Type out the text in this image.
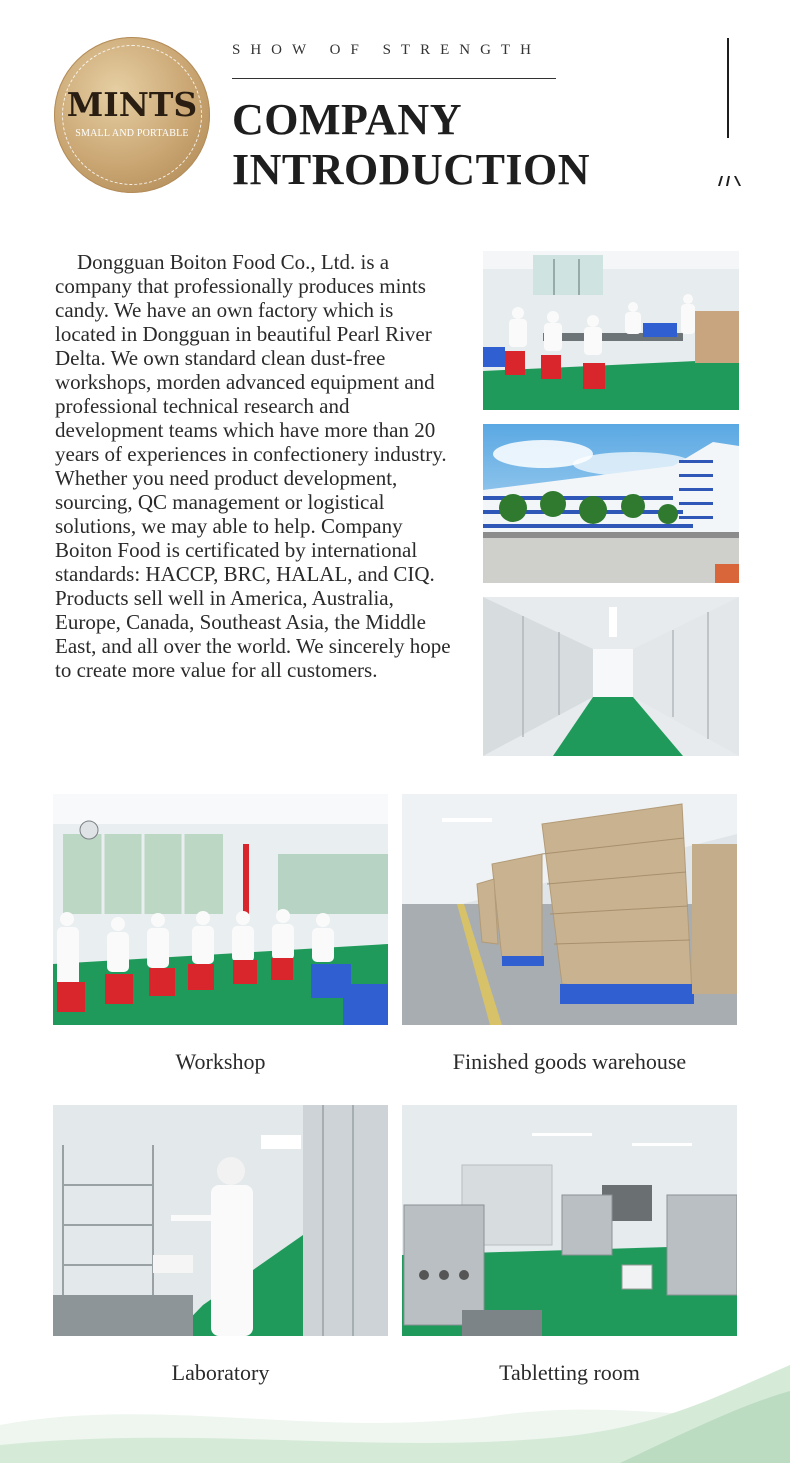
MINTS
SMALL AND PORTABLE
SHOW OF STRENGTH
COMPANY
INTRODUCTION

Dongguan Boiton Food Co., Ltd. is a company that professionally produces mints candy. We have an own factory which is located in Dongguan in beautiful Pearl River Delta. We own standard clean dust-free workshops, morden advanced equipment and professional technical research and development teams which have more than 20 years of experiences in confectionery industry. Whether you need product development, sourcing, QC management or logistical solutions, we may able to help. Company Boiton Food is certificated by international standards: HACCP, BRC, HALAL, and CIQ. Products sell well in America, Australia, Europe, Canada, Southeast Asia, the Middle East, and all over the world. We sincerely hope to create more value for all customers.

Workshop	Finished goods warehouse
Laboratory	Tabletting room
